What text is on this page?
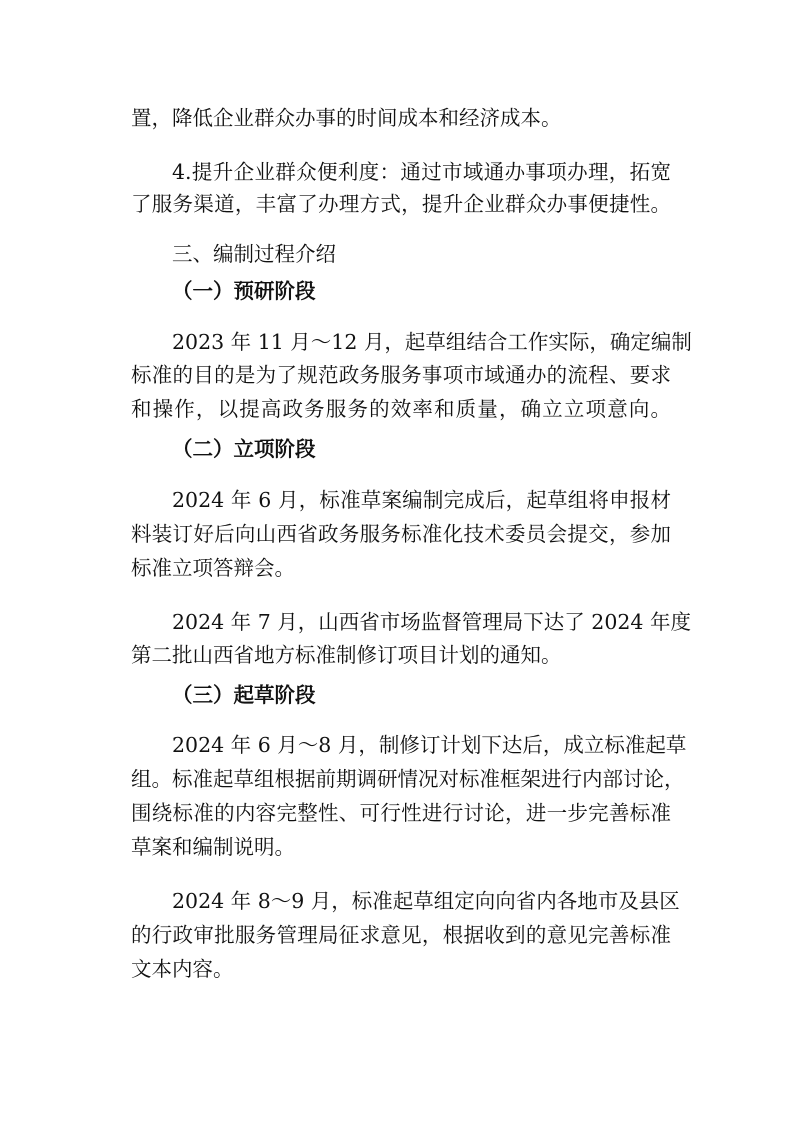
置，降低企业群众办事的时间成本和经济成本。
4.提升企业群众便利度：通过市域通办事项办理，拓宽
了服务渠道，丰富了办理方式，提升企业群众办事便捷性。
三、编制过程介绍
（一）预研阶段
2023 年 11 月～12 月，起草组结合工作实际，确定编制
标准的目的是为了规范政务服务事项市域通办的流程、要求
和操作，以提高政务服务的效率和质量，确立立项意向。
（二）立项阶段
2024 年 6 月，标准草案编制完成后，起草组将申报材
料装订好后向山西省政务服务标准化技术委员会提交，参加
标准立项答辩会。
2024 年 7 月，山西省市场监督管理局下达了 2024 年度
第二批山西省地方标准制修订项目计划的通知。
（三）起草阶段
2024 年 6 月～8 月，制修订计划下达后，成立标准起草
组。标准起草组根据前期调研情况对标准框架进行内部讨论，
围绕标准的内容完整性、可行性进行讨论，进一步完善标准
草案和编制说明。
2024 年 8～9 月，标准起草组定向向省内各地市及县区
的行政审批服务管理局征求意见，根据收到的意见完善标准
文本内容。
